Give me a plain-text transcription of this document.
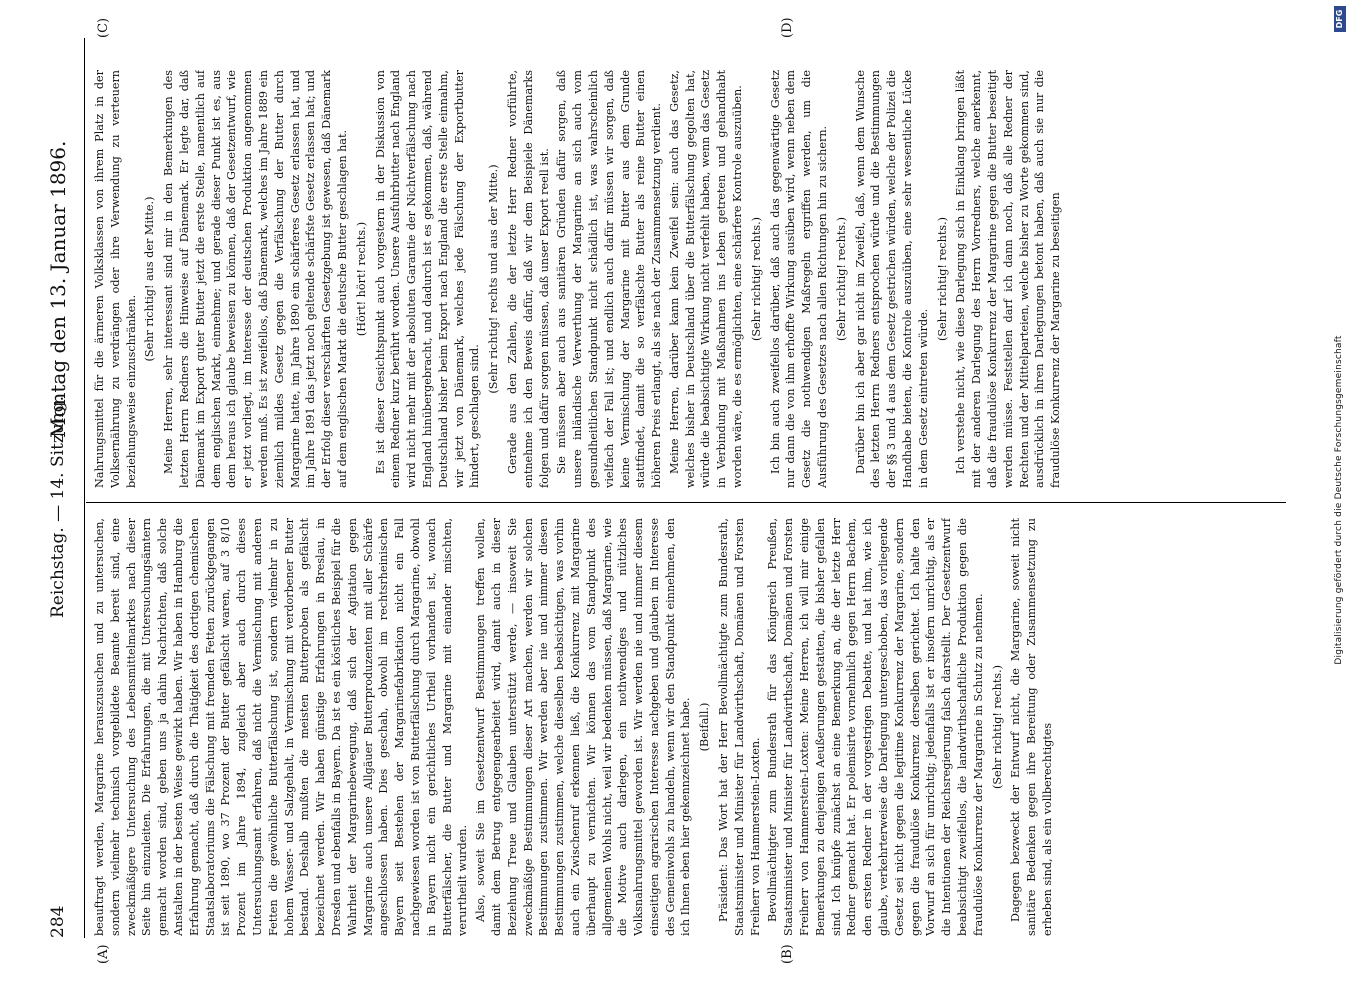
284
Reichstag. — 14. Sitzung.
Montag den 13. Januar 1896.
(A)	(B)
(C)	(D)

beauftragt werden, Margarine herauszusuchen und zu untersuchen, sondern vielmehr technisch vorgebildete Beamte bereit sind, eine zweckmäßigere Untersuchung des Lebensmittelmarktes nach dieser Seite hin einzuleiten. Die Erfahrungen, die mit Untersuchungsämtern gemacht worden sind, geben uns ja dahin Nachrichten, daß solche Anstalten in der besten Weise gewirkt haben. Wir haben in Hamburg die Erfahrung gemacht, daß durch die Thätigkeit des dortigen chemischen Staatslaboratoriums die Fälschung mit fremden Fetten zurückgegangen ist seit 1890, wo 37 Prozent der Butter gefälscht waren, auf 3 8/10 Prozent im Jahre 1894, zugleich aber auch durch dieses Untersuchungsamt erfahren, daß nicht die Vermischung mit anderen Fetten die gewöhnliche Butterfälschung ist, sondern vielmehr in zu hohem Wasser- und Salzgehalt, in Vermischung mit verdorbener Butter bestand. Deshalb mußten die meisten Butterproben als gefälscht bezeichnet werden. Wir haben günstige Erfahrungen in Breslau, in Dresden und ebenfalls in Bayern. Da ist es ein köstliches Beispiel für die Wahrheit der Margarinebewegung, daß sich der Agitation gegen Margarine auch unsere Allgäuer Butterproduzenten mit aller Schärfe angeschlossen haben. Dies geschah, obwohl im rechtsrheinischen Bayern seit Bestehen der Margarinefabrikation nicht ein Fall nachgewiesen worden ist von Butterfälschung durch Margarine, obwohl in Bayern nicht ein gerichtliches Urtheil vorhanden ist, wonach Butterfälscher, die Butter und Margarine mit einander mischten, verurtheilt wurden. Also, soweit Sie im Gesetzentwurf Bestimmungen treffen wollen, damit dem Betrug entgegengearbeitet wird, damit auch in dieser Beziehung Treue und Glauben unterstützt werde, — insoweit Sie zweckmäßige Bestimmungen dieser Art machen, werden wir solchen Bestimmungen zustimmen. Wir werden aber nie und nimmer diesen Bestimmungen zustimmen, welche dieselben beabsichtigen, was vorhin auch ein Zwischenruf erkennen ließ, die Konkurrenz mit Margarine überhaupt zu vernichten. Wir können das vom Standpunkt des allgemeinen Wohls nicht, weil wir bedenken müssen, daß Margarine, wie die Motive auch darlegen, ein nothwendiges und nützliches Volksnahrungsmittel geworden ist. Wir werden nie und nimmer diesem einseitigen agrarischen Interesse nachgeben und glauben im Interesse des Gemeinwohls zu handeln, wenn wir den Standpunkt einnehmen, den ich Ihnen eben hier gekennzeichnet habe. (Beifall.) Präsident: Das Wort hat der Herr Bevollmächtigte zum Bundesrath, Staatsminister und Minister für Landwirthschaft, Domänen und Forsten Freiherr von Hammerstein-Loxten. Bevollmächtigter zum Bundesrath für das Königreich Preußen, Staatsminister und Minister für Landwirthschaft, Domänen und Forsten Freiherr von Hammerstein-Loxten: Meine Herren, ich will mir einige Bemerkungen zu denjenigen Aeußerungen gestatten, die bisher gefallen sind. Ich knüpfe zunächst an eine Bemerkung an, die der letzte Herr Redner gemacht hat. Er polemisirte vornehmlich gegen Herrn Bachem, den ersten Redner in der vorgestrigen Debatte, und hat ihm, wie ich glaube, verkehrterweise die Darlegung untergeschoben, das vorliegende Gesetz sei nicht gegen die legitime Konkurrenz der Margarine, sondern gegen die fraudulöse Konkurrenz derselben gerichtet. Ich halte den Vorwurf an sich für unrichtig; jedenfalls ist er insofern unrichtig, als er die Intentionen der Reichsregierung falsch darstellt. Der Gesetzentwurf beabsichtigt zweifellos, die landwirthschaftliche Produktion gegen die fraudulöse Konkurrenz der Margarine in Schutz zu nehmen. (Sehr richtig! rechts.) Dagegen bezweckt der Entwurf nicht, die Margarine, soweit nicht sanitäre Bedenken gegen ihre Bereitung oder Zusammensetzung zu erheben sind, als ein vollberechtigtes

Nahrungsmittel für die ärmeren Volksklassen von ihrem Platz in der Volksernährung zu verdrängen oder ihre Verwendung zu verteuern beziehungsweise einzuschränken.

(Sehr richtig! aus der Mitte.) Meine Herren, sehr interessant sind mir in den Bemerkungen des letzten Herrn Redners die Hinweise auf Dänemark. Er legte dar, daß Dänemark im Export guter Butter jetzt die erste Stelle, namentlich auf dem englischen Markt, einnehme; und gerade dieser Punkt ist es, aus dem heraus ich glaube beweisen zu können, daß der Gesetzentwurf, wie er jetzt vorliegt, im Interesse der deutschen Produktion angenommen werden muß. Es ist zweifellos, daß Dänemark, welches im Jahre 1889 ein ziemlich mildes Gesetz gegen die Verfälschung der Butter durch Margarine hatte, im Jahre 1890 ein schärferes Gesetz erlassen hat, und im Jahre 1891 das jetzt noch geltende schärfste Gesetz erlassen hat; und der Erfolg dieser verschärften Gesetzgebung ist gewesen, daß Dänemark auf dem englischen Markt die deutsche Butter geschlagen hat. (Hört! hört! rechts.) Es ist dieser Gesichtspunkt auch vorgestern in der Diskussion von einem Redner kurz berührt worden. Unsere Ausfuhrbutter nach England wird nicht mehr mit der absoluten Garantie der Nichtverfälschung nach England hinübergebracht, und dadurch ist es gekommen, daß, während Deutschland bisher beim Export nach England die erste Stelle einnahm, wir jetzt von Dänemark, welches jede Fälschung der Exportbutter hindert, geschlagen sind.

(Sehr richtig! rechts und aus der Mitte.) Gerade aus den Zahlen, die der letzte Herr Redner vorführte, entnehme ich den Beweis dafür, daß wir dem Beispiele Dänemarks folgen und dafür sorgen müssen, daß unser Export reell ist. Sie müssen aber auch aus sanitären Gründen dafür sorgen, daß unsere inländische Verwerthung der Margarine an sich auch vom gesundheitlichen Standpunkt nicht schädlich ist, was wahrscheinlich vielfach der Fall ist; und endlich auch dafür müssen wir sorgen, daß keine Vermischung der Margarine mit Butter aus dem Grunde stattfindet, damit die so verfälschte Butter als reine Butter einen höheren Preis erlangt, als sie nach der Zusammensetzung verdient. Meine Herren, darüber kann kein Zweifel sein: auch das Gesetz, welches bisher in Deutschland über die Butterfälschung gegolten hat, würde die beabsichtigte Wirkung nicht verfehlt haben, wenn das Gesetz in Verbindung mit Maßnahmen ins Leben getreten und gehandhabt worden wäre, die es ermöglichten, eine schärfere Kontrole auszuüben. (Sehr richtig! rechts.) Ich bin auch zweifellos darüber, daß auch das gegenwärtige Gesetz nur dann die von ihm erhoffte Wirkung ausüben wird, wenn neben dem Gesetz die nothwendigen Maßregeln ergriffen werden, um die Ausführung des Gesetzes nach allen Richtungen hin zu sichern. (Sehr richtig! rechts.) Darüber bin ich aber gar nicht im Zweifel, daß, wenn dem Wunsche des letzten Herrn Redners entsprochen würde und die Bestimmungen der §§ 3 und 4 aus dem Gesetz gestrichen würden, welche der Polizei die Handhabe bieten, die Kontrole auszuüben, eine sehr wesentliche Lücke in dem Gesetz eintreten würde.

(Sehr richtig! rechts.) Ich verstehe nicht, wie diese Darlegung sich in Einklang bringen läßt mit der anderen Darlegung des Herrn Vorredners, welche anerkennt, daß die fraudulöse Konkurrenz der Margarine gegen die Butter beseitigt werden müsse. Feststellen darf ich dann noch, daß alle Redner der Rechten und der Mittelparteien, welche bisher zu Worte gekommen sind, ausdrücklich in ihren Darlegungen betont haben, daß auch sie nur die fraudulöse Konkurrenz der Margarine zu beseitigen	Digitalisierung gefördert durch die Deutsche Forschungsgemeinschaft
DFG
